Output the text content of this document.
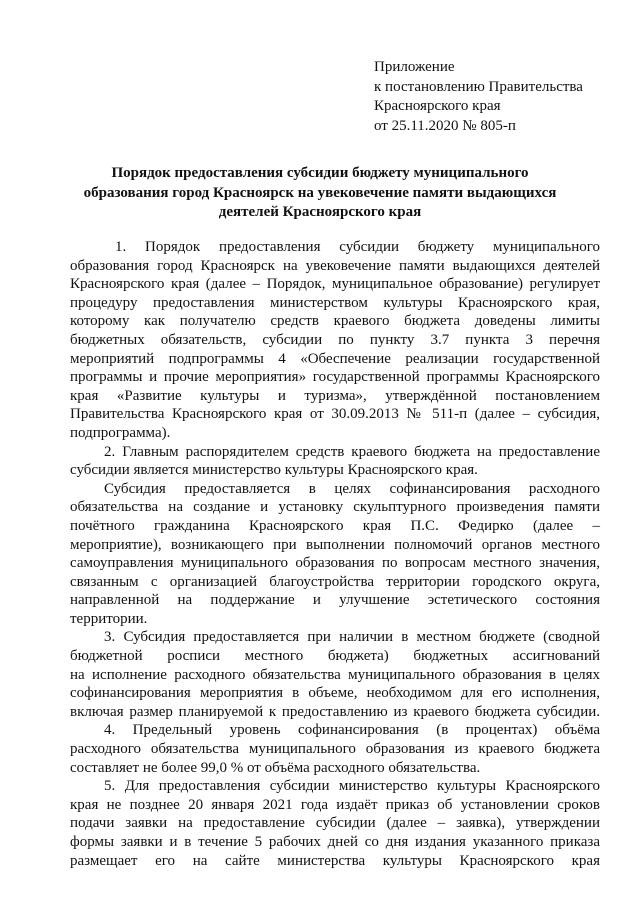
Приложение
к постановлению Правительства
Красноярского края
от 25.11.2020 № 805-п
Порядок предоставления субсидии бюджету муниципального
образования город Красноярск на увековечение памяти выдающихся
деятелей Красноярского края
1. Порядок предоставления субсидии бюджету муниципального
образования город Красноярск на увековечение памяти выдающихся деятелей
Красноярского края (далее – Порядок, муниципальное образование) регулирует
процедуру предоставления министерством культуры Красноярского края,
которому как получателю средств краевого бюджета доведены лимиты
бюджетных обязательств, субсидии по пункту 3.7 пункта 3 перечня
мероприятий подпрограммы 4 «Обеспечение реализации государственной
программы и прочие мероприятия» государственной программы Красноярского
края «Развитие культуры и туризма», утверждённой постановлением
Правительства Красноярского края от 30.09.2013 № 511-п (далее – субсидия,
подпрограмма).
2. Главным распорядителем средств краевого бюджета на предоставление
субсидии является министерство культуры Красноярского края.
Субсидия предоставляется в целях софинансирования расходного
обязательства на создание и установку скульптурного произведения памяти
почётного гражданина Красноярского края П.С. Федирко (далее –
мероприятие), возникающего при выполнении полномочий органов местного
самоуправления муниципального образования по вопросам местного значения,
связанным с организацией благоустройства территории городского округа,
направленной на поддержание и улучшение эстетического состояния
территории.
3. Субсидия предоставляется при наличии в местном бюджете (сводной
бюджетной росписи местного бюджета) бюджетных ассигнований
на исполнение расходного обязательства муниципального образования в целях
софинансирования мероприятия в объеме, необходимом для его исполнения,
включая размер планируемой к предоставлению из краевого бюджета субсидии.
4. Предельный уровень софинансирования (в процентах) объёма
расходного обязательства муниципального образования из краевого бюджета
составляет не более 99,0 % от объёма расходного обязательства.
5. Для предоставления субсидии министерство культуры Красноярского
края не позднее 20 января 2021 года издаёт приказ об установлении сроков
подачи заявки на предоставление субсидии (далее – заявка), утверждении
формы заявки и в течение 5 рабочих дней со дня издания указанного приказа
размещает его на сайте министерства культуры Красноярского края
